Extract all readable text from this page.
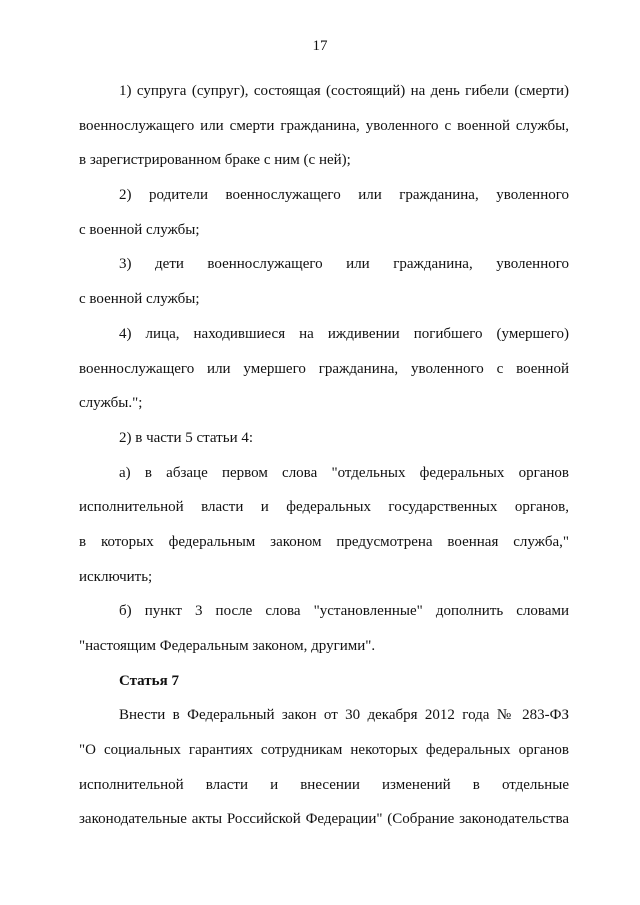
17

1) супруга (супруг), состоящая (состоящий) на день гибели (смерти)
военнослужащего или смерти гражданина, уволенного с военной службы,
в зарегистрированном браке с ним (с ней);

2) родители военнослужащего или гражданина, уволенного
с военной службы;

3) дети военнослужащего или гражданина, уволенного
с военной службы;

4) лица, находившиеся на иждивении погибшего (умершего)
военнослужащего или умершего гражданина, уволенного с военной
службы.";

2) в части 5 статьи 4:

а) в абзаце первом слова "отдельных федеральных органов
исполнительной власти и федеральных государственных органов,
в которых федеральным законом предусмотрена военная служба,"
исключить;

б) пункт 3 после слова "установленные" дополнить словами
"настоящим Федеральным законом, другими".

Статья 7

Внести в Федеральный закон от 30 декабря 2012 года № 283-ФЗ
"О социальных гарантиях сотрудникам некоторых федеральных органов
исполнительной власти и внесении изменений в отдельные
законодательные акты Российской Федерации" (Собрание законодательства
